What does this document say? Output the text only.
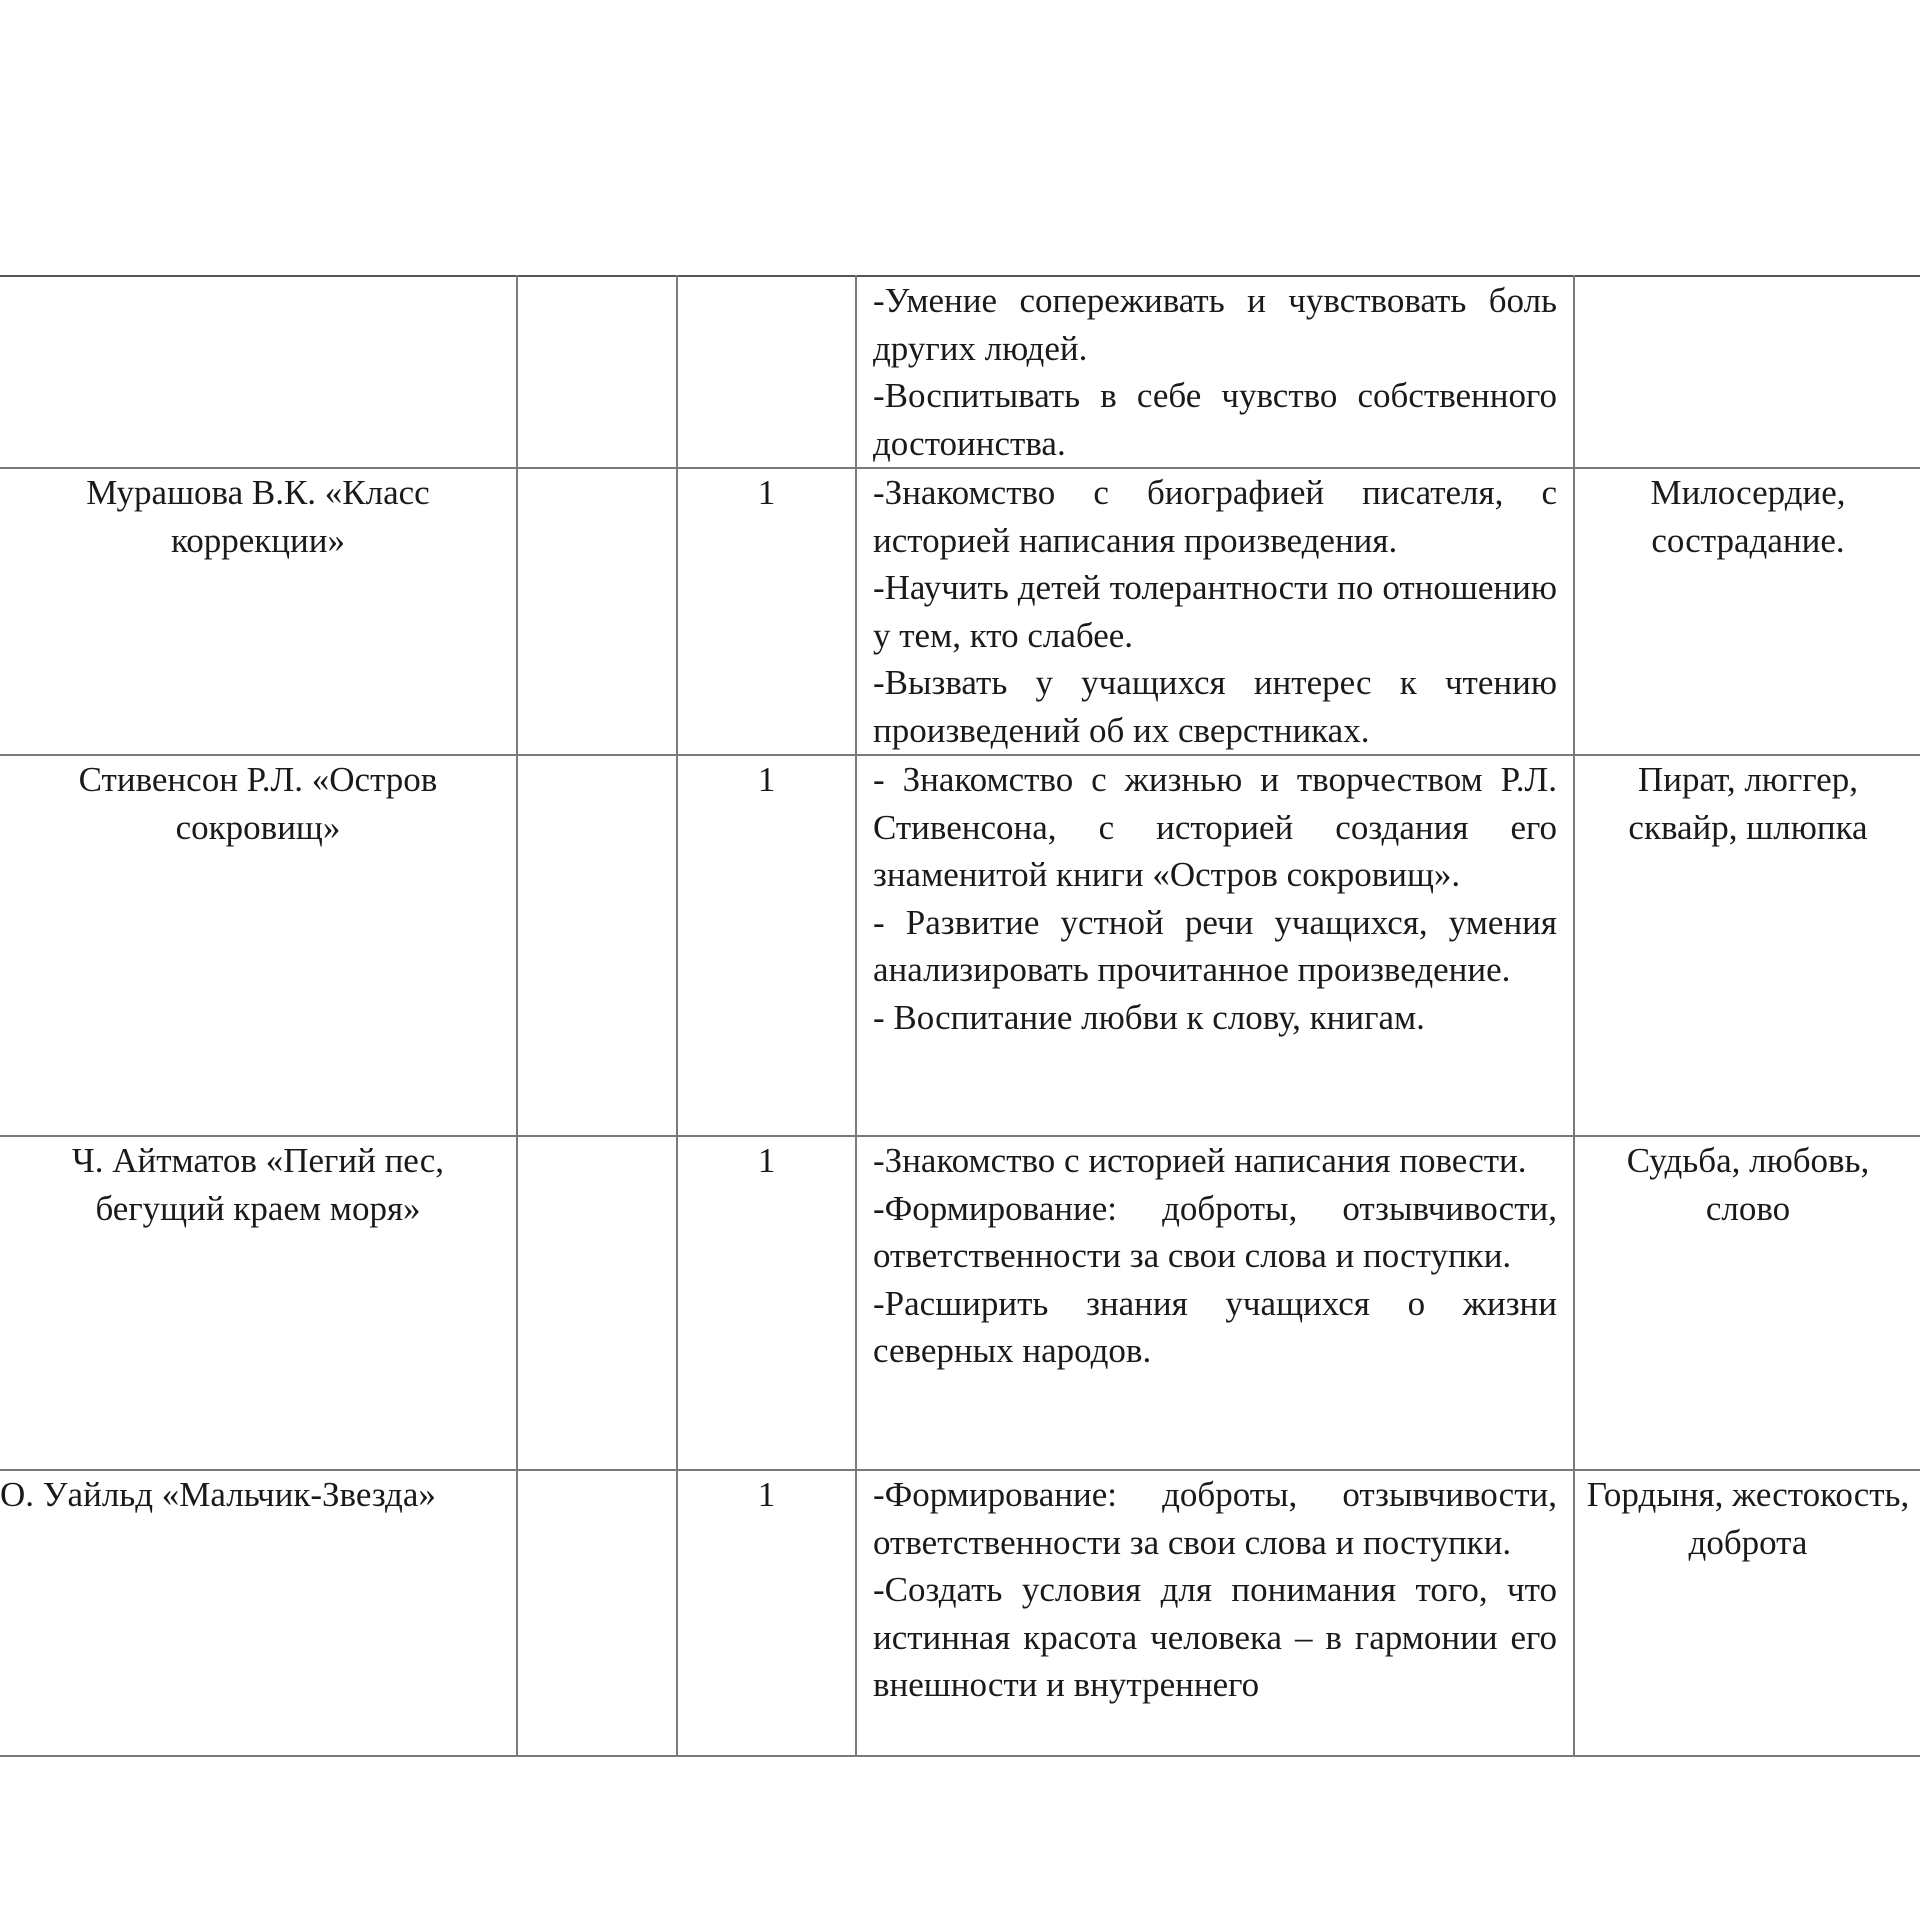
			-Умение сопереживать и чувствовать боль других людей.

-Воспитывать в себе чувство собственного достоинства.	

Мурашова В.К. «Класс коррекции»		1	-Знакомство с биографией писателя, с историей написания произведения.

-Научить детей толерантности по отношению у тем, кто слабее.

-Вызвать у учащихся интерес к чтению произведений об их сверстниках.	Милосердие, сострадание.

Стивенсон Р.Л. «Остров сокровищ»		1	- Знакомство с жизнью и творчеством Р.Л. Стивенсона, с историей создания его знаменитой книги «Остров сокровищ».

- Развитие устной речи учащихся, умения анализировать прочитанное произведение.

- Воспитание любви к слову, книгам.	Пират, люггер, сквайр, шлюпка

Ч. Айтматов «Пегий пес, бегущий краем моря»		1	-Знакомство с историей написания повести.

-Формирование: доброты, отзывчивости, ответственности за свои слова и поступки.

-Расширить знания учащихся о жизни северных народов.	Судьба, любовь, слово

О. Уайльд «Мальчик-Звезда»		1	-Формирование: доброты, отзывчивости, ответственности за свои слова и поступки.

-Создать условия для понимания того, что истинная красота человека – в гармонии его внешности и внутреннего	Гордыня, жестокость, доброта
